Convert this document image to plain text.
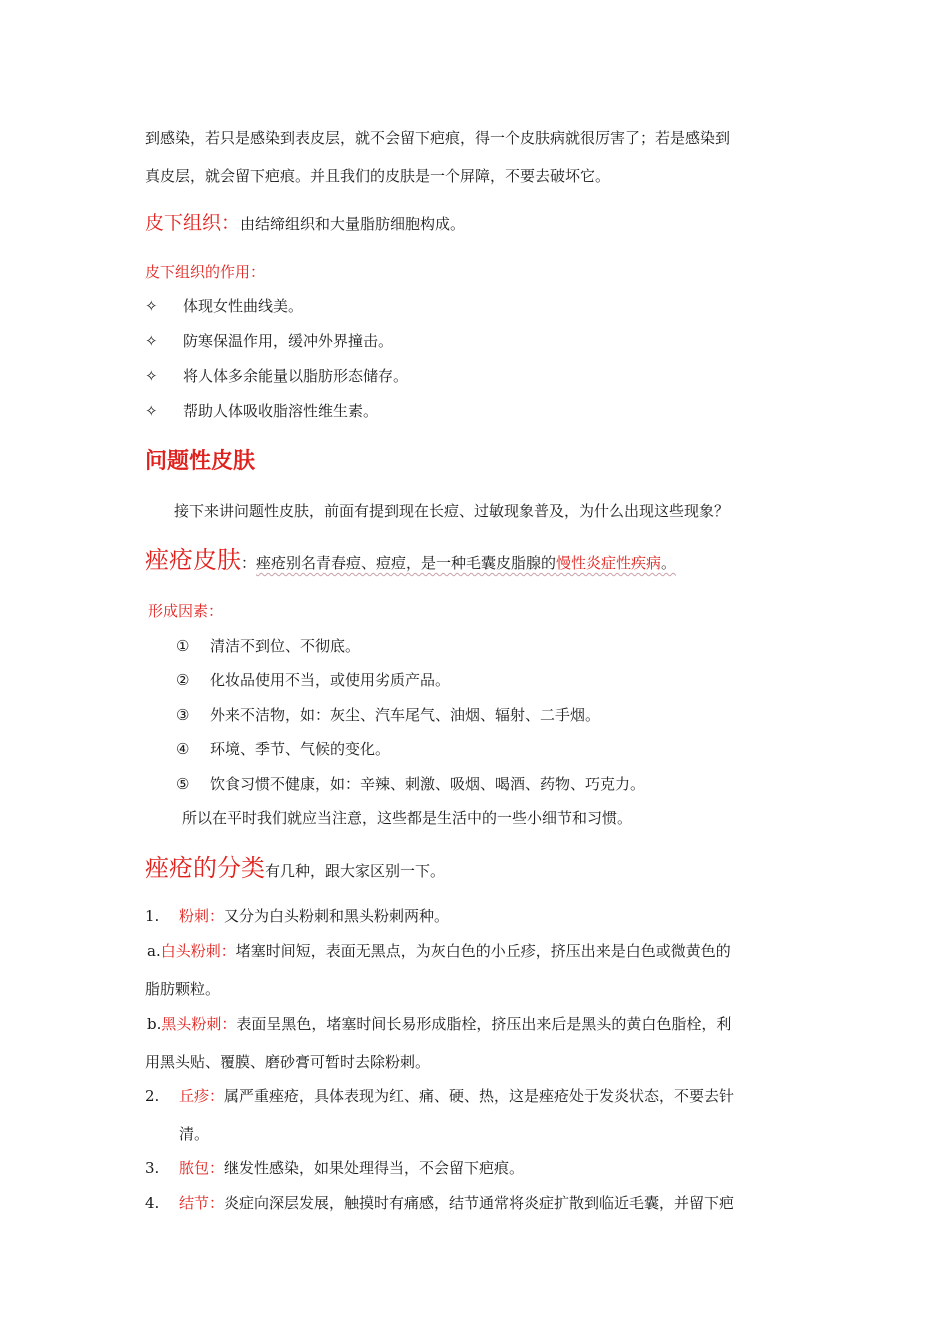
到感染，若只是感染到表皮层，就不会留下疤痕，得一个皮肤病就很厉害了；若是感染到
真皮层，就会留下疤痕。并且我们的皮肤是一个屏障，不要去破坏它。
皮下组织：由结缔组织和大量脂肪细胞构成。
皮下组织的作用：
✧ 体现女性曲线美。
✧ 防寒保温作用，缓冲外界撞击。
✧ 将人体多余能量以脂肪形态储存。
✧ 帮助人体吸收脂溶性维生素。
问题性皮肤
接下来讲问题性皮肤，前面有提到现在长痘、过敏现象普及，为什么出现这些现象？
痤疮皮肤：痤疮别名青春痘、痘痘，是一种毛囊皮脂腺的慢性炎症性疾病。
形成因素：
① 清洁不到位、不彻底。
② 化妆品使用不当，或使用劣质产品。
③ 外来不洁物，如：灰尘、汽车尾气、油烟、辐射、二手烟。
④ 环境、季节、气候的变化。
⑤ 饮食习惯不健康，如：辛辣、刺激、吸烟、喝酒、药物、巧克力。
所以在平时我们就应当注意，这些都是生活中的一些小细节和习惯。
痤疮的分类有几种，跟大家区别一下。
1. 粉刺：又分为白头粉刺和黑头粉刺两种。
a.白头粉刺：堵塞时间短，表面无黑点，为灰白色的小丘疹，挤压出来是白色或微黄色的
脂肪颗粒。
b.黑头粉刺：表面呈黑色，堵塞时间长易形成脂栓，挤压出来后是黑头的黄白色脂栓，利
用黑头贴、覆膜、磨砂膏可暂时去除粉刺。
2. 丘疹：属严重痤疮，具体表现为红、痛、硬、热，这是痤疮处于发炎状态，不要去针
清。
3. 脓包：继发性感染，如果处理得当，不会留下疤痕。
4. 结节：炎症向深层发展，触摸时有痛感，结节通常将炎症扩散到临近毛囊，并留下疤
